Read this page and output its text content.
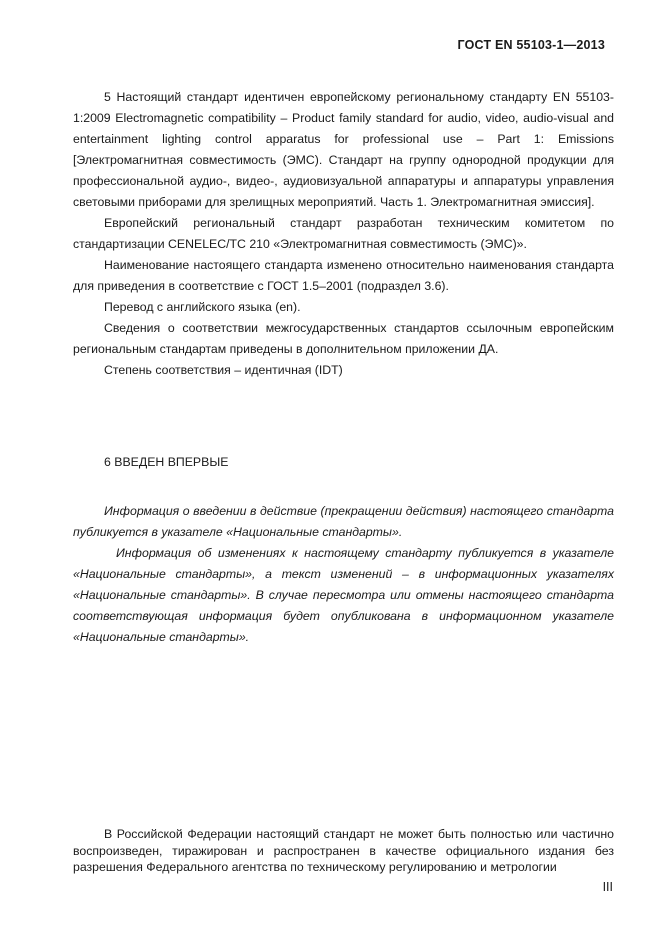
ГОСТ EN 55103-1—2013

5 Настоящий стандарт идентичен европейскому региональному стандарту EN 55103-1:2009 Electromagnetic compatibility – Product family standard for audio, video, audio-visual and entertainment lighting control apparatus for professional use – Part 1: Emissions [Электромагнитная совместимость (ЭМС). Стандарт на группу однородной продукции для профессиональной аудио-, видео-, аудиовизуальной аппаратуры и аппаратуры управления световыми приборами для зрелищных мероприятий. Часть 1. Электромагнитная эмиссия].

Европейский региональный стандарт разработан техническим комитетом по стандартизации CENELEC/TC 210 «Электромагнитная совместимость (ЭМС)».

Наименование настоящего стандарта изменено относительно наименования стандарта для приведения в соответствие с ГОСТ 1.5–2001 (подраздел 3.6).

Перевод с английского языка (en).

Сведения о соответствии межгосударственных стандартов ссылочным европейским региональным стандартам приведены в дополнительном приложении ДА.

Степень соответствия – идентичная (IDT)

6 ВВЕДЕН ВПЕРВЫЕ

Информация о введении в действие (прекращении действия) настоящего стандарта публикуется в указателе «Национальные стандарты».

Информация об изменениях к настоящему стандарту публикуется в указателе «Национальные стандарты», а текст изменений – в информационных указателях «Национальные стандарты». В случае пересмотра или отмены настоящего стандарта соответствующая информация будет опубликована в информационном указателе «Национальные стандарты».

В Российской Федерации настоящий стандарт не может быть полностью или частично воспроизведен, тиражирован и распространен в качестве официального издания без разрешения Федерального агентства по техническому регулированию и метрологии

III
